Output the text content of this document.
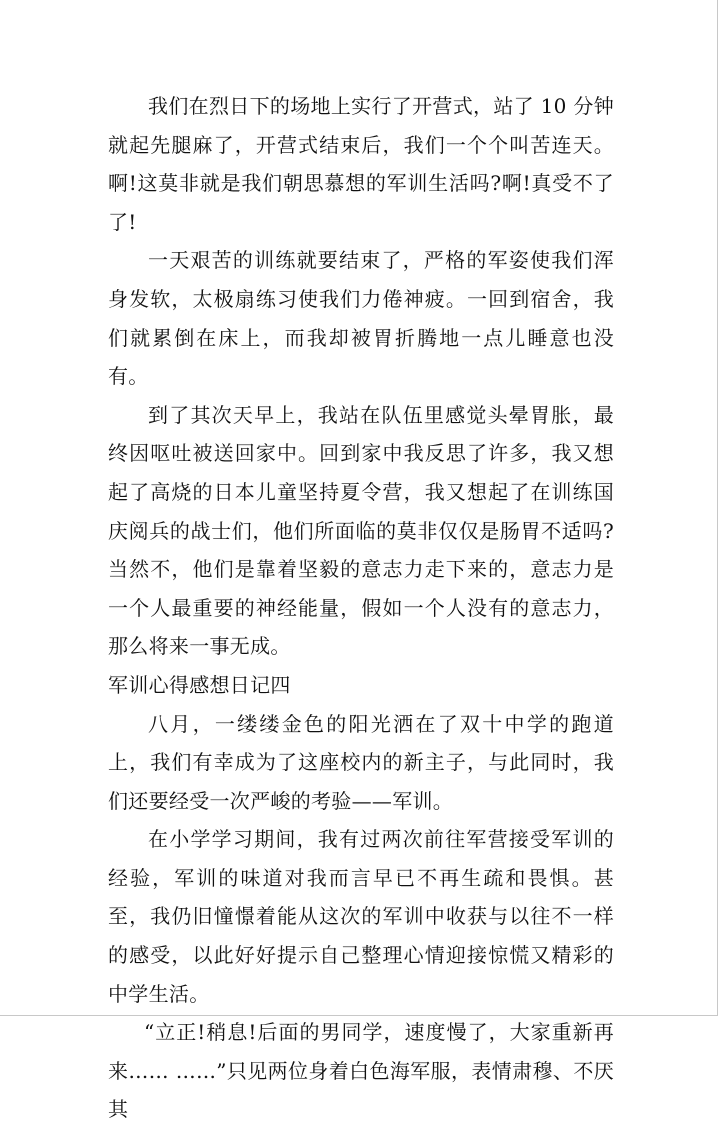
我们在烈日下的场地上实行了开营式，站了 10 分钟就起先腿麻了，开营式结束后，我们一个个叫苦连天。啊!这莫非就是我们朝思慕想的军训生活吗?啊!真受不了了!

一天艰苦的训练就要结束了，严格的军姿使我们浑身发软，太极扇练习使我们力倦神疲。一回到宿舍，我们就累倒在床上，而我却被胃折腾地一点儿睡意也没有。

到了其次天早上，我站在队伍里感觉头晕胃胀，最终因呕吐被送回家中。回到家中我反思了许多，我又想起了高烧的日本儿童坚持夏令营，我又想起了在训练国庆阅兵的战士们，他们所面临的莫非仅仅是肠胃不适吗?当然不，他们是靠着坚毅的意志力走下来的，意志力是一个人最重要的神经能量，假如一个人没有的意志力，那么将来一事无成。

军训心得感想日记四

八月，一缕缕金色的阳光洒在了双十中学的跑道上，我们有幸成为了这座校内的新主子，与此同时，我们还要经受一次严峻的考验——军训。

在小学学习期间，我有过两次前往军营接受军训的经验，军训的味道对我而言早已不再生疏和畏惧。甚至，我仍旧憧憬着能从这次的军训中收获与以往不一样的感受，以此好好提示自己整理心情迎接惊慌又精彩的中学生活。

“立正!稍息!后面的男同学，速度慢了，大家重新再来…… ……”只见两位身着白色海军服，表情肃穆、不厌其
